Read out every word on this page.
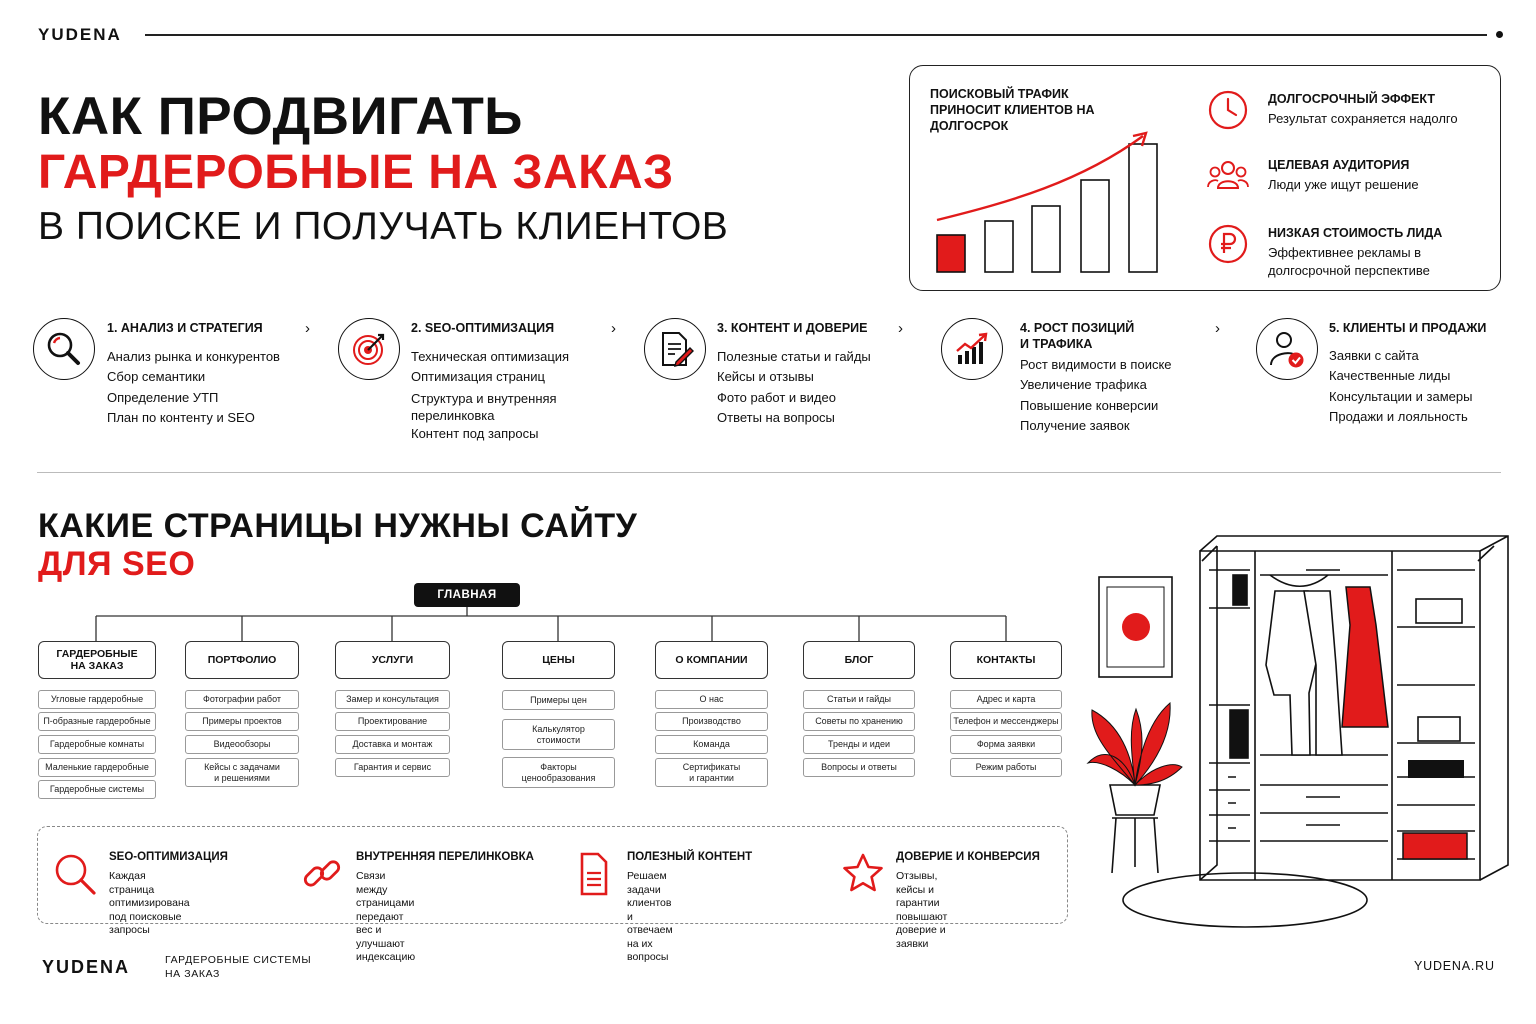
YUDENA
КАК ПРОДВИГАТЬ
ГАРДЕРОБНЫЕ НА ЗАКАЗ
В ПОИСКЕ И ПОЛУЧАТЬ КЛИЕНТОВ
ПОИСКОВЫЙ ТРАФИК ПРИНОСИТ КЛИЕНТОВ НА ДОЛГОСРОК
ДОЛГОСРОЧНЫЙ ЭФФЕКТ
Результат сохраняется надолго
ЦЕЛЕВАЯ АУДИТОРИЯ
Люди уже ищут решение
НИЗКАЯ СТОИМОСТЬ ЛИДА
Эффективнее рекламы в долгосрочной перспективе
1. АНАЛИЗ И СТРАТЕГИЯ	›
Анализ рынка и конкурентов
Сбор семантики
Определение УТП
План по контенту и SEO
2. SEO-ОПТИМИЗАЦИЯ	›
Техническая оптимизация
Оптимизация страниц
Структура и внутренняя
перелинковка
Контент под запросы
3. КОНТЕНТ И ДОВЕРИЕ ›
Полезные статьи и гайды
Кейсы и отзывы
Фото работ и видео
Ответы на вопросы
4. РОСТ ПОЗИЦИЙ
И ТРАФИКА
›
Рост видимости в поиске
Увеличение трафика
Повышение конверсии
Получение заявок
5. КЛИЕНТЫ И ПРОДАЖИ
Заявки с сайта
Качественные лиды
Консультации и замеры
Продажи и лояльность
КАКИЕ СТРАНИЦЫ НУЖНЫ САЙТУ
ДЛЯ SEO
ГЛАВНАЯ
ГАРДЕРОБНЫЕ
НА ЗАКАЗ	ПОРТФОЛИО	УСЛУГИ	ЦЕНЫ	О КОМПАНИИ	БЛОГ	КОНТАКТЫ
Угловые гардеробные
П-образные гардеробные
Гардеробные комнаты
Маленькие гардеробные
Гардеробные системы
Фотографии работ
Примеры проектов
Видеообзоры
Кейсы с задачами
и решениями
Замер и консультация
Проектирование
Доставка и монтаж
Гарантия и сервис
Примеры цен
Калькулятор
стоимости
Факторы
ценообразования
О нас
Производство
Команда
Сертификаты
и гарантии
Статьи и гайды
Советы по хранению
Тренды и идеи
Вопросы и ответы
Адрес и карта
Телефон и мессенджеры
Форма заявки
Режим работы
SEO-ОПТИМИЗАЦИЯ
Каждая страница оптимизирована
под поисковые запросы
ВНУТРЕННЯЯ ПЕРЕЛИНКОВКА
Связи между страницами передают
вес и улучшают индексацию
ПОЛЕЗНЫЙ КОНТЕНТ
Решаем задачи клиентов и отвечаем
на их вопросы
ДОВЕРИЕ И КОНВЕРСИЯ
Отзывы, кейсы и гарантии
повышают доверие и заявки
YUDENA	ГАРДЕРОБНЫЕ СИСТЕМЫ
НА ЗАКАЗ
YUDENA.RU
